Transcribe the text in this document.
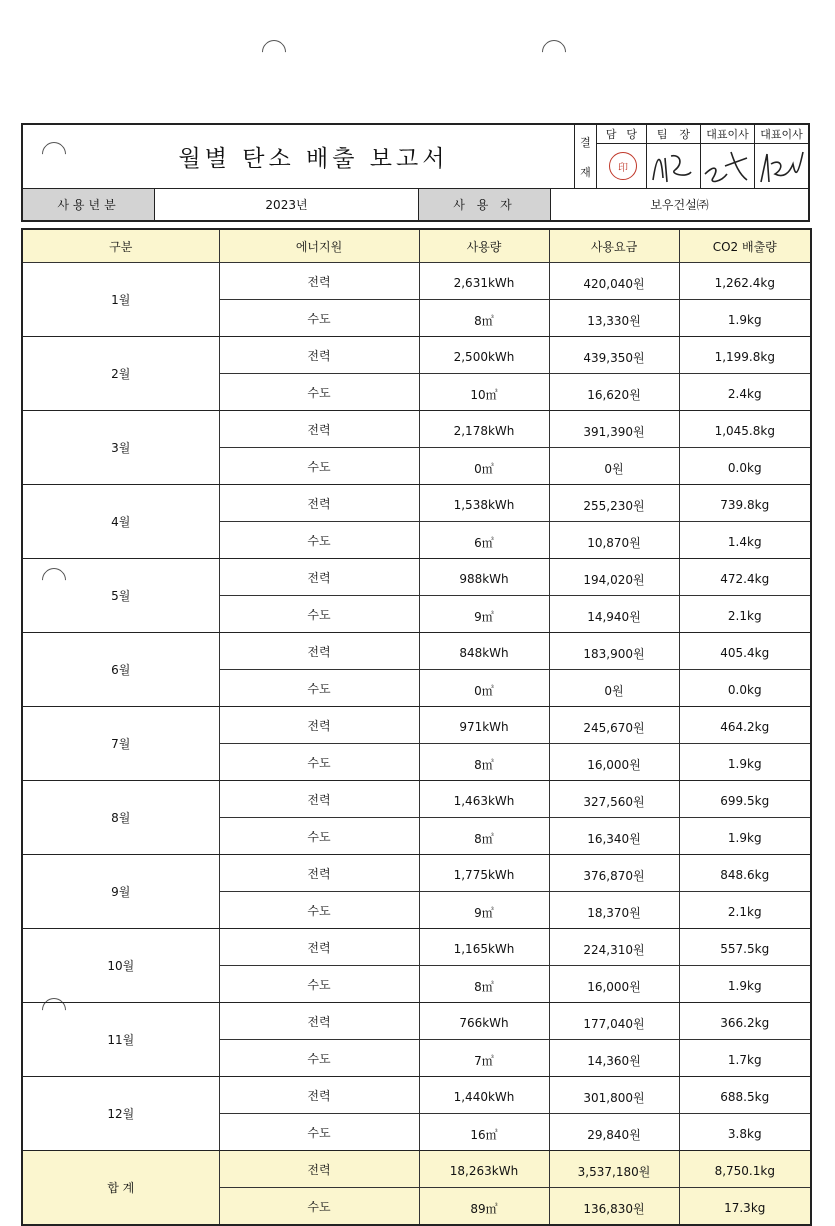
월별 탄소 배출 보고서
결
재
담 당
印
팀 장 대표이사 대표이사
사용년분	2023년	사 용 자	보우건설㈜
구분	에너지원	사용량	사용요금	CO2 배출량
1월	전력	2,631kWh	420,040원	1,262.4kg
	수도	8㎥	13,330원	1.9kg
2월	전력	2,500kWh	439,350원	1,199.8kg
	수도	10㎥	16,620원	2.4kg
3월	전력	2,178kWh	391,390원	1,045.8kg
	수도	0㎥	0원	0.0kg
4월	전력	1,538kWh	255,230원	739.8kg
	수도	6㎥	10,870원	1.4kg
5월	전력	988kWh	194,020원	472.4kg
	수도	9㎥	14,940원	2.1kg
6월	전력	848kWh	183,900원	405.4kg
	수도	0㎥	0원	0.0kg
7월	전력	971kWh	245,670원	464.2kg
	수도	8㎥	16,000원	1.9kg
8월	전력	1,463kWh	327,560원	699.5kg
	수도	8㎥	16,340원	1.9kg
9월	전력	1,775kWh	376,870원	848.6kg
	수도	9㎥	18,370원	2.1kg
10월	전력	1,165kWh	224,310원	557.5kg
	수도	8㎥	16,000원	1.9kg
11월	전력	766kWh	177,040원	366.2kg
	수도	7㎥	14,360원	1.7kg
12월	전력	1,440kWh	301,800원	688.5kg
	수도	16㎥	29,840원	3.8kg
합 계	전력	18,263kWh	3,537,180원	8,750.1kg
	수도	89㎥	136,830원	17.3kg
